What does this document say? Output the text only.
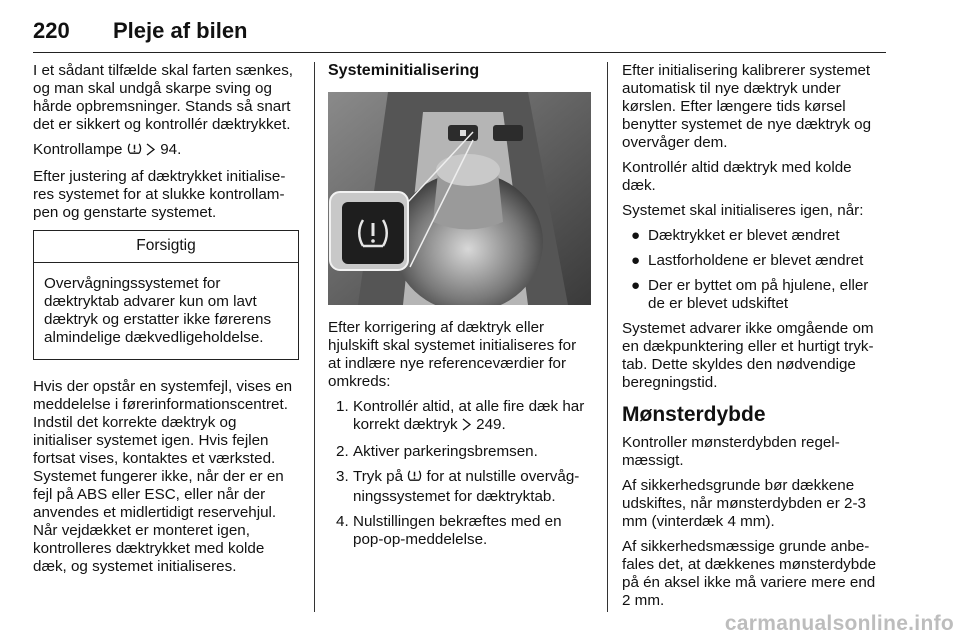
220 Pleje af bilen

I et sådant tilfælde skal farten sænkes, og man skal undgå skarpe sving og hårde opbremsninger. Stands så snart det er sikkert og kontrollér dæktrykket.

Kontrollampe 94.

Efter justering af dæktrykket initialiseres systemet for at slukke kontrollampen og genstarte systemet.

Forsigtig
Overvågningssystemet for dæktryktab advarer kun om lavt dæktryk og erstatter ikke førerens almindelige dækvedligeholdelse.

Hvis der opstår en systemfejl, vises en meddelelse i førerinformationscentret. Indstil det korrekte dæktryk og initialiser systemet igen. Hvis fejlen fortsat vises, kontaktes et værksted. Systemet fungerer ikke, når der er en fejl på ABS eller ESC, eller når der anvendes et midlertidigt reservehjul. Når vejdækket er monteret igen, kontrolleres dæktrykket med kolde dæk, og systemet initialiseres.

Systeminitialisering

Efter korrigering af dæktryk eller hjulskift skal systemet initialiseres for at indlære nye referenceværdier for omkreds:

1. Kontrollér altid, at alle fire dæk har korrekt dæktryk 249.
2. Aktiver parkeringsbremsen.
3. Tryk på for at nulstille overvågningssystemet for dæktryktab.
4. Nulstillingen bekræftes med en pop-op-meddelelse.

Efter initialisering kalibrerer systemet automatisk til nye dæktryk under kørslen. Efter længere tids kørsel benytter systemet de nye dæktryk og overvåger dem.

Kontrollér altid dæktryk med kolde dæk.

Systemet skal initialiseres igen, når:

● Dæktrykket er blevet ændret
● Lastforholdene er blevet ændret
● Der er byttet om på hjulene, eller de er blevet udskiftet

Systemet advarer ikke omgående om en dækpunktering eller et hurtigt tryktab. Dette skyldes den nødvendige beregningstid.

Mønsterdybde

Kontroller mønsterdybden regelmæssigt.

Af sikkerhedsgrunde bør dækkene udskiftes, når mønsterdybden er 2-3 mm (vinterdæk 4 mm).

Af sikkerhedsmæssige grunde anbefales det, at dækkenes mønsterdybde på én aksel ikke må variere mere end 2 mm.

carmanualsonline.info
